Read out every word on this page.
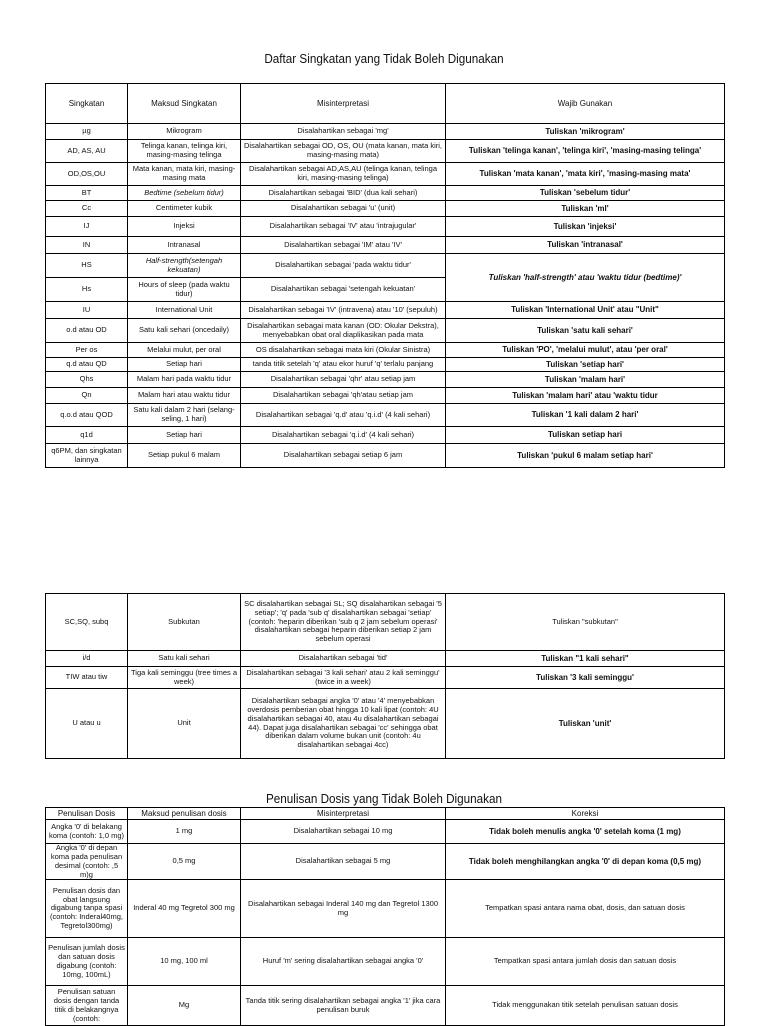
Daftar Singkatan yang Tidak Boleh Digunakan
Singkatan	Maksud Singkatan	Misinterpretasi	Wajib Gunakan
µg	Mikrogram	Disalahartikan sebagai 'mg'	Tuliskan 'mikrogram'
AD, AS, AU	Telinga kanan, telinga kiri, masing-masing telinga	Disalahartikan sebagai OD, OS, OU (mata kanan, mata kiri, masing-masing mata)	Tuliskan 'telinga kanan', 'telinga kiri', 'masing-masing telinga'
OD,OS,OU	Mata kanan, mata kiri, masing-masing mata	Disalahartikan sebagai AD,AS,AU (telinga kanan, telinga kiri, masing-masing telinga)	Tuliskan 'mata kanan', 'mata kiri', 'masing-masing mata'
BT	Bedtime (sebelum tidur)	Disalahartikan sebagai 'BID' (dua kali sehari)	Tuliskan 'sebelum tidur'
Cc	Centimeter kubik	Disalahartikan sebagai 'u' (unit)	Tuliskan 'ml'
IJ	Injeksi	Disalahartikan sebagai 'IV' atau 'intrajugular'	Tuliskan 'injeksi'
IN	Intranasal	Disalahartikan sebagai 'IM' atau 'IV'	Tuliskan 'intranasal'
HS	Half-strength(setengah kekuatan)	Disalahartikan sebagai 'pada waktu tidur'	Tuliskan 'half-strength' atau 'waktu tidur (bedtime)'
Hs	Hours of sleep (pada waktu tidur)	Disalahartikan sebagai 'setengah kekuatan'	
IU	International Unit	Disalahartikan sebagai 'IV' (intravena) atau '10' (sepuluh)	Tuliskan 'International Unit' atau "Unit"
o.d atau OD	Satu kali sehari (oncedaily)	Disalahartikan sebagai mata kanan (OD: Okular Dekstra), menyebabkan obat oral diaplikasikan pada mata	Tuliskan 'satu kali sehari'
Per os	Melalui mulut, per oral	OS disalahartikan sebagai mata kiri (Okular Sinistra)	Tuliskan 'PO', 'melalui mulut', atau 'per oral'
q.d atau QD	Setiap hari	tanda titik setelah 'q' atau ekor huruf 'q' terlalu panjang	Tuliskan 'setiap hari'
Qhs	Malam hari pada waktu tidur	Disalahartikan sebagai 'qhr' atau setiap jam	Tuliskan 'malam hari'
Qn	Malam hari atau waktu tidur	Disalahartikan sebagai 'qh'atau setiap jam	Tuliskan 'malam hari' atau 'waktu tidur
q.o.d atau QOD	Satu kali dalam 2 hari (selang-seling, 1 hari)	Disalahartikan sebagai 'q.d' atau 'q.i.d' (4 kali sehari)	Tuliskan '1 kali dalam 2 hari'
q1d	Setiap hari	Disalahartikan sebagai 'q.i.d' (4 kali sehari)	Tuliskan setiap hari
q6PM, dan singkatan lainnya	Setiap pukul 6 malam	Disalahartikan sebagai setiap 6 jam	Tuliskan 'pukul 6 malam setiap hari'
SC,SQ, subq	Subkutan	SC disalahartikan sebagai SL; SQ disalahartikan sebagai '5 setiap'; 'q' pada 'sub q' disalahartikan sebagai 'setiap' (contoh: 'heparin diberikan 'sub q 2 jam sebelum operasi' disalahartikan sebagai heparin diberikan setiap 2 jam sebelum operasi	Tuliskan "subkutan"
i/d	Satu kali sehari	Disalahartikan sebagai 'tid'	Tuliskan "1 kali sehari"
TIW atau tiw	Tiga kali seminggu (tree times a week)	Disalahartikan sebagai '3 kali sehari' atau 2 kali seminggu' (twice in a week)	Tuliskan '3 kali seminggu'
U atau u	Unit	Disalahartikan sebagai angka '0' atau '4' menyebabkan overdosis pemberian obat hingga 10 kali lipat (contoh: 4U disalahartikan sebagai 40, atau 4u disalahartikan sebagai 44). Dapat juga disalahartikan sebagai 'cc' sehingga obat diberikan dalam volume bukan unit (contoh: 4u disalahartikan sebagai 4cc)	Tuliskan 'unit'
Penulisan Dosis yang Tidak Boleh Digunakan
Penulisan Dosis	Maksud penulisan dosis	Misinterpretasi	Koreksi
Angka '0' di belakang koma (contoh: 1,0 mg)	1 mg	Disalahartikan sebagai 10 mg	Tidak boleh menulis angka '0' setelah koma (1 mg)
Angka '0' di depan koma pada penulisan desimal (contoh: ,5 m)g	0,5 mg	Disalahartikan sebagai 5 mg	Tidak boleh menghilangkan angka '0' di depan koma (0,5 mg)
Penulisan dosis dan obat langsung digabung tanpa spasi (contoh: Inderal40mg, Tegretol300mg)	Inderal 40 mg Tegretol 300 mg	Disalahartikan sebagai Inderal 140 mg dan Tegretol 1300 mg	Tempatkan spasi antara nama obat, dosis, dan satuan dosis
Penulisan jumlah dosis dan satuan dosis digabung (contoh: 10mg, 100mL)	10 mg, 100 ml	Huruf 'm' sering disalahartikan sebagai angka '0'	Tempatkan spasi antara jumlah dosis dan satuan dosis
Penulisan satuan dosis dengan tanda titik di belakangnya (contoh:	Mg	Tanda titik sering disalahartikan sebagai angka '1' jika cara penulisan buruk	Tidak menggunakan titik setelah penulisan satuan dosis
